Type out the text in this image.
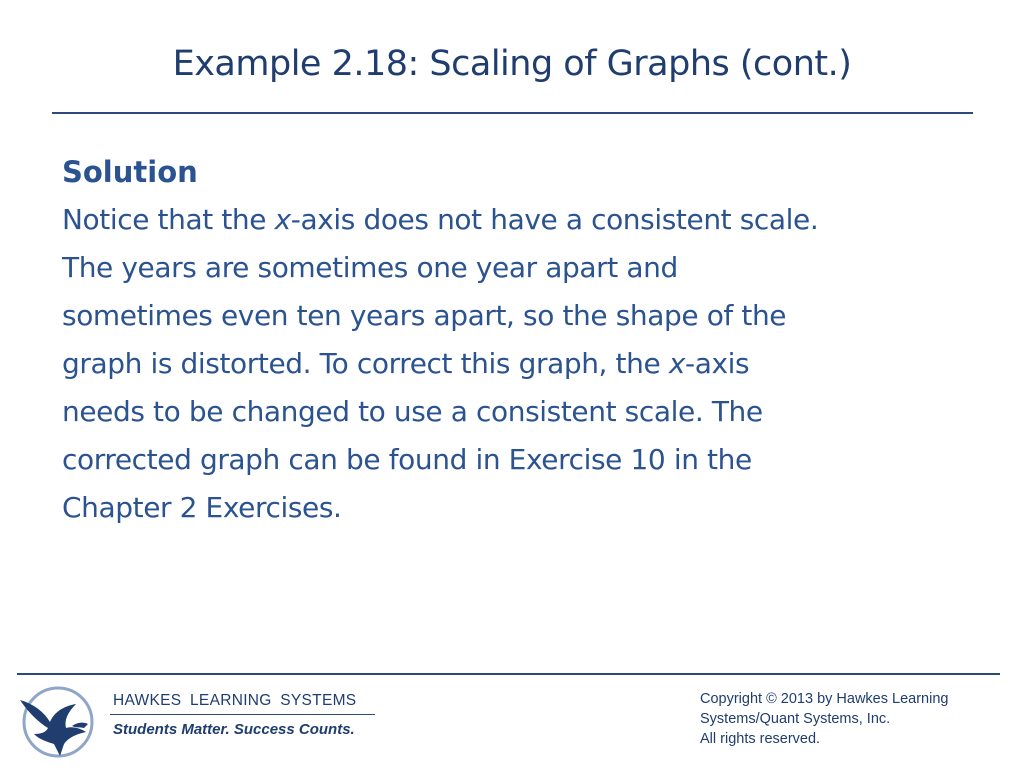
Example 2.18: Scaling of Graphs (cont.)
Solution
Notice that the x-axis does not have a consistent scale.
The years are sometimes one year apart and
sometimes even ten years apart, so the shape of the
graph is distorted. To correct this graph, the x-axis
needs to be changed to use a consistent scale. The
corrected graph can be found in Exercise 10 in the
Chapter 2 Exercises.
HAWKES LEARNING SYSTEMS
Students Matter. Success Counts.
Copyright © 2013 by Hawkes Learning
Systems/Quant Systems, Inc.
All rights reserved.
